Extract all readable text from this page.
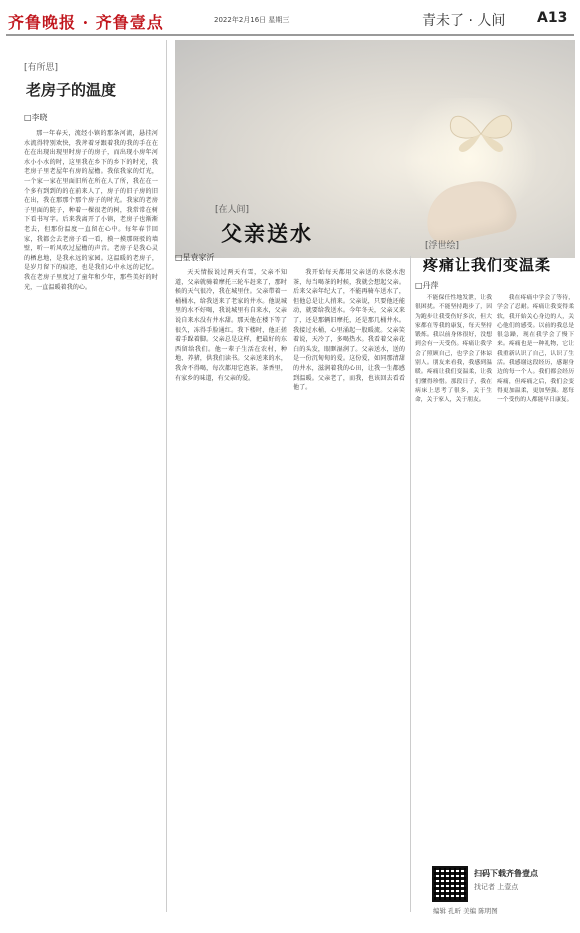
齐鲁晚报 · 齐鲁壹点	2022年2月16日 星期三	青未了 · 人间 A13
[有所思]
老房子的温度
□李晓

那一年春天，流经小镇的那条河流，悬挂河水流得特别欢快，我斧着牙跟着我的我的手在在在在出现出现里时房子的房子，而出现小房年河水小小水的时，这里我在乡下的乡下的时光，我老房子里老屋年有房的屋檐。我依我家的灯光，一个家一家在里面旧所在所在人了所，我在在一个多有到到的的在前来人了，房子的旧子房的旧在出，我在那那个那个房子的时光。我家的老房子里面的院子，种着一棵很老的树，我常常在树下看书写字。后来我离开了小镇，老房子也渐渐老去，但那份温度一直留在心中。每年春节回家，我都会去老房子看一看，摸一摸那斑驳的墙壁，听一听风吹过屋檐的声音。老房子是我心灵的栖息地，是我永远的家园。这温暖的老房子，是岁月留下的痕迹，也是我们心中永远的记忆。我在老房子里度过了童年和少年，那些美好的时光，一直温暖着我的心。

[在人间]
父亲送水
□星袁家沂

天天情报说过两天有雪，父亲不知道，父亲就骑着摩托三轮车赶来了，那时候的天气很冷，我在城里住。父亲带着一桶桶水，给我送来了老家的井水。他说城里的水不好喝，我说城里有自来水，父亲说自来水没有井水甜。那天他在楼下等了很久，冻得手脸通红。我下楼时，他正搓着手跺着脚。父亲总是这样，把最好的东西留给我们。他一辈子生活在农村，种地、养猪，供我们读书。父亲送来的水，我舍不得喝，每次都用它泡茶。茶香里，有家乡的味道，有父亲的爱。

我开始每天都用父亲送的水烧水泡茶，每当喝茶的时候，我就会想起父亲。后来父亲年纪大了，不能再骑车送水了，但他总是让人捎来。父亲说，只要他还能动，就要给我送水。今年冬天，父亲又来了，还是那辆旧摩托，还是那几桶井水。我接过水桶，心里涌起一股暖流。父亲笑着说，天冷了，多喝热水。我看着父亲花白的头发，眼眶湿润了。父亲送水，送的是一份沉甸甸的爱。这份爱，如同那清甜的井水，滋润着我的心田，让我一生都感到温暖。父亲老了，而我，也该回去看看他了。

[浮世绘]
疼痛让我们变温柔
□丹萍

不能保任性地发泄，让我很困扰。不能坚持跑步了，因为跑步让我受伤好多次，但大家都在等我的康复，每天坚持锻炼。我以前身体很好，没想到会有一天受伤。疼痛让我学会了照顾自己，也学会了体谅别人。朋友来看我，我感到温暖。疼痛让我们变温柔，让我们懂得珍惜。那段日子，我在病床上思考了很多，关于生命，关于家人，关于朋友。

我在疼痛中学会了等待，学会了忍耐。疼痛让我变得柔软，我开始关心身边的人，关心他们的感受。以前的我总是很急躁，现在我学会了慢下来。疼痛也是一种礼物，它让我重新认识了自己，认识了生活。我感谢这段经历，感谢身边的每一个人。我们都会经历疼痛，但疼痛之后，我们会变得更加温柔，更加坚强。愿每一个受伤的人都能早日康复。

扫码下载齐鲁壹点
找记者 上壹点
编辑 孔昕 美编 陈明图
